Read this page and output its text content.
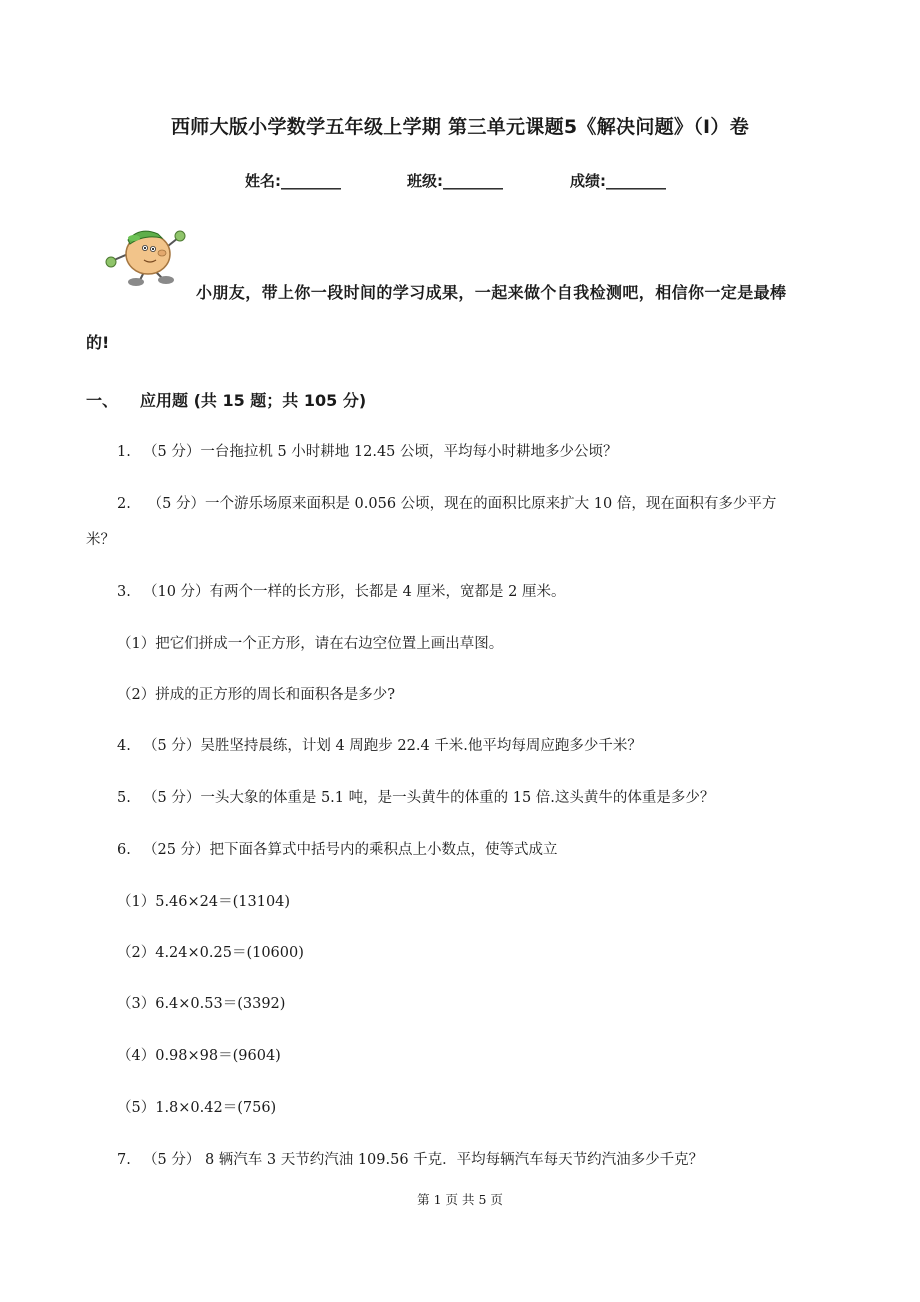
西师大版小学数学五年级上学期 第三单元课题5《解决问题》（I）卷
姓名:________	班级:________	成绩:________
小朋友，带上你一段时间的学习成果，一起来做个自我检测吧，相信你一定是最棒
的!
一、 应用题 (共 15 题；共 105 分)
1. （5 分）一台拖拉机 5 小时耕地 12.45 公顷，平均每小时耕地多少公顷？
2. （5 分）一个游乐场原来面积是 0.056 公顷，现在的面积比原来扩大 10 倍，现在面积有多少平方
米？
3. （10 分）有两个一样的长方形，长都是 4 厘米，宽都是 2 厘米。
（1）把它们拼成一个正方形，请在右边空位置上画出草图。
（2）拼成的正方形的周长和面积各是多少?
4. （5 分）吴胜坚持晨练，计划 4 周跑步 22.4 千米.他平均每周应跑多少千米？
5. （5 分）一头大象的体重是 5.1 吨，是一头黄牛的体重的 15 倍.这头黄牛的体重是多少？
6. （25 分）把下面各算式中括号内的乘积点上小数点，使等式成立
（1）5.46×24＝(13104)
（2）4.24×0.25＝(10600)
（3）6.4×0.53＝(3392)
（4）0.98×98＝(9604)
（5）1.8×0.42＝(756)
7. （5 分） 8 辆汽车 3 天节约汽油 109.56 千克．平均每辆汽车每天节约汽油多少千克？
第 1 页 共 5 页
